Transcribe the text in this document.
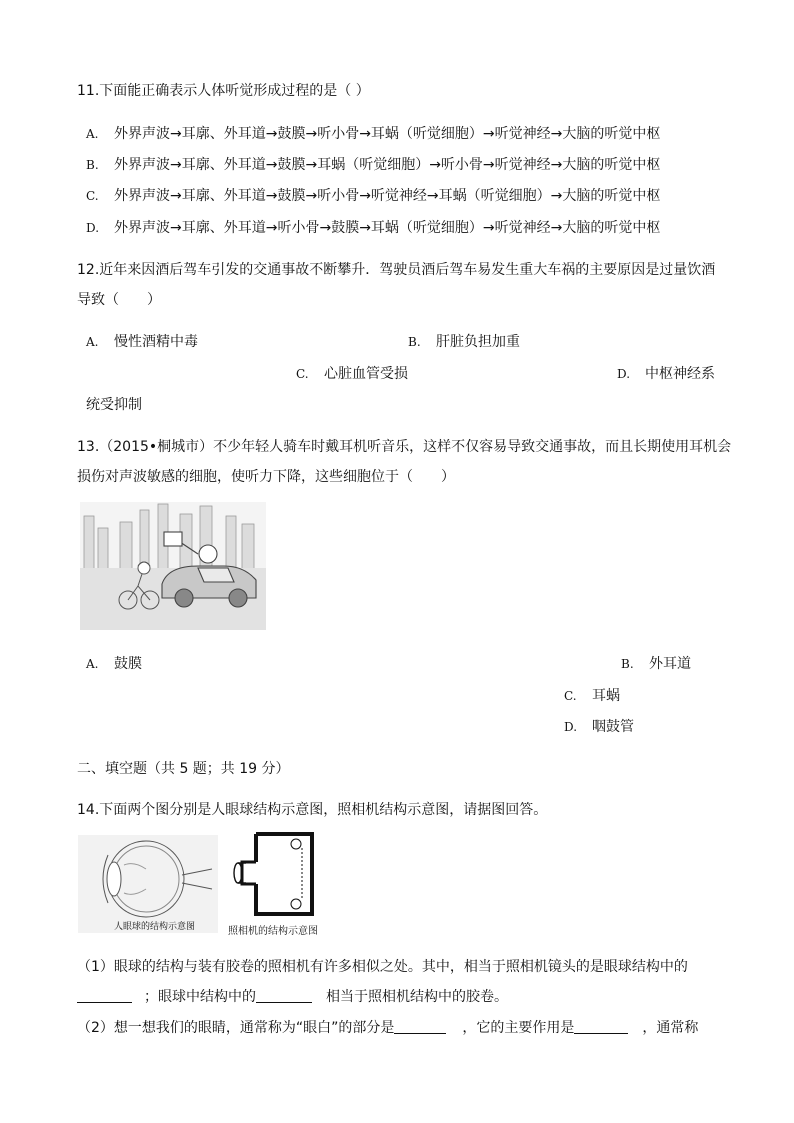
11.下面能正确表示人体听觉形成过程的是（ ）
A. 外界声波→耳廓、外耳道→鼓膜→听小骨→耳蜗（听觉细胞）→听觉神经→大脑的听觉中枢
B. 外界声波→耳廓、外耳道→鼓膜→耳蜗（听觉细胞）→听小骨→听觉神经→大脑的听觉中枢
C. 外界声波→耳廓、外耳道→鼓膜→听小骨→听觉神经→耳蜗（听觉细胞）→大脑的听觉中枢
D. 外界声波→耳廓、外耳道→听小骨→鼓膜→耳蜗（听觉细胞）→听觉神经→大脑的听觉中枢
12.近年来因酒后驾车引发的交通事故不断攀升．驾驶员酒后驾车易发生重大车祸的主要原因是过量饮酒
导致（　　）
A. 慢性酒精中毒	B. 肝脏负担加重
C. 心脏血管受损	D. 中枢神经系
统受抑制
13.（2015•桐城市）不少年轻人骑车时戴耳机听音乐，这样不仅容易导致交通事故，而且长期使用耳机会
损伤对声波敏感的细胞，使听力下降，这些细胞位于（　　）
A. 鼓膜	B. 外耳道
C. 耳蜗
D. 咽鼓管
二、填空题（共 5 题；共 19 分）
14.下面两个图分别是人眼球结构示意图，照相机结构示意图，请据图回答。
人眼球的结构示意图	照相机的结构示意图
（1）眼球的结构与装有胶卷的照相机有许多相似之处。其中，相当于照相机镜头的是眼球结构中的
；眼球中结构中的	相当于照相机结构中的胶卷。
（2）想一想我们的眼睛，通常称为“眼白”的部分是	，它的主要作用是	，通常称
